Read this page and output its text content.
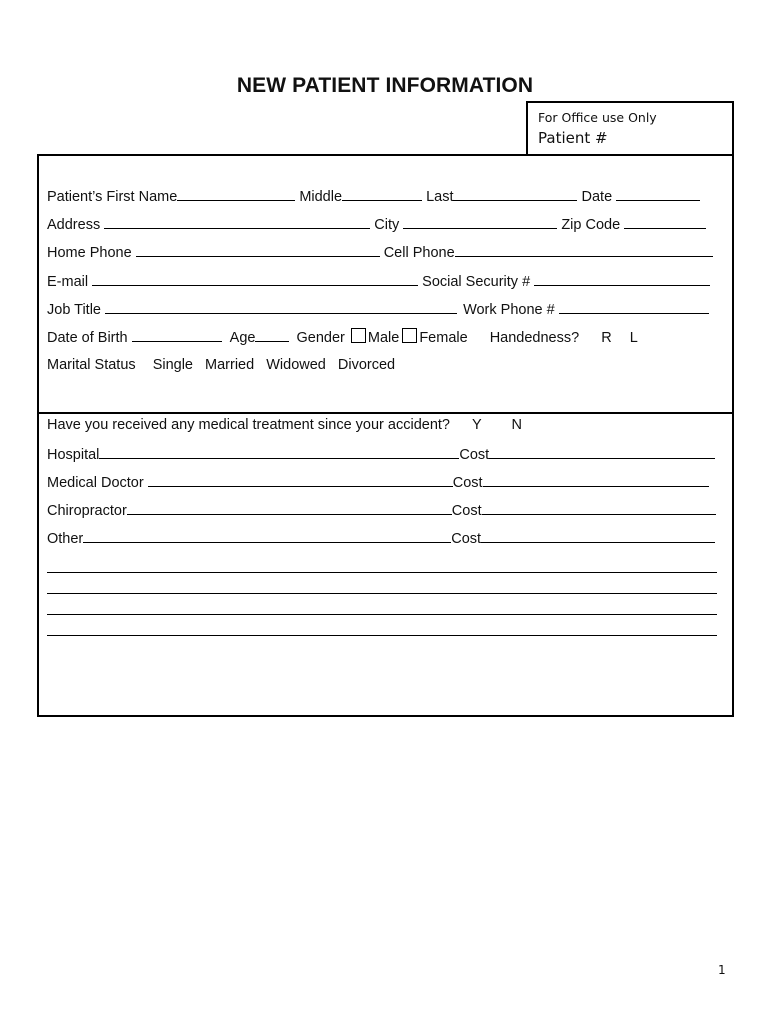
NEW PATIENT INFORMATION
For Office use Only
Patient #
Patient’s First Name	Middle	Last	Date
Address	City	Zip Code
Home Phone	Cell Phone
E-mail	Social Security #
Job Title	Work Phone #
Date of Birth	Age	Gender Male Female Handedness? R L
Marital Status Single Married Widowed Divorced
Have you received any medical treatment since your accident? Y N
Hospital	Cost
Medical Doctor	Cost
Chiropractor	Cost
Other	Cost
1
